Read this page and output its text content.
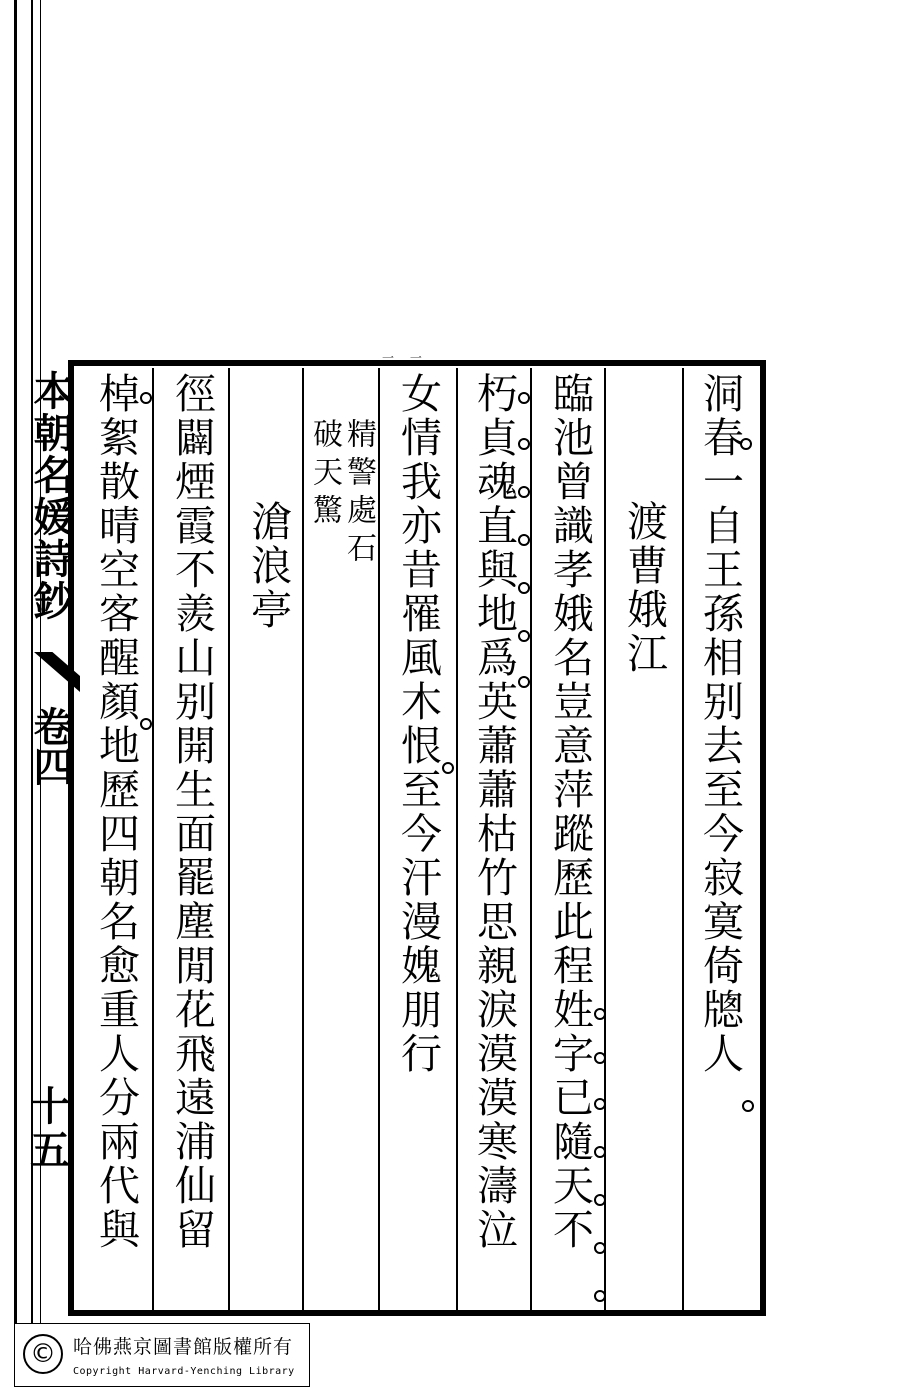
本朝名媛詩鈔
卷四
十五
一 一
洞春一自王孫相别去至今寂寞倚牕人
渡曹娥江
臨池曾識孝娥名豈意萍蹤歷此程姓字已隨天不
朽貞魂直與地爲英蕭蕭枯竹思親淚漠漠寒濤泣
女情我亦昔罹風木恨至今汗漫媿朋行
滄浪亭
徑闢煙霞不羨山别開生面罷塵閒花飛遠浦仙留
棹絮散晴空客醒顏地歷四朝名愈重人分兩代與	精警處石
破天驚
© 哈佛燕京圖書館版權所有
Copyright Harvard-Yenching Library
